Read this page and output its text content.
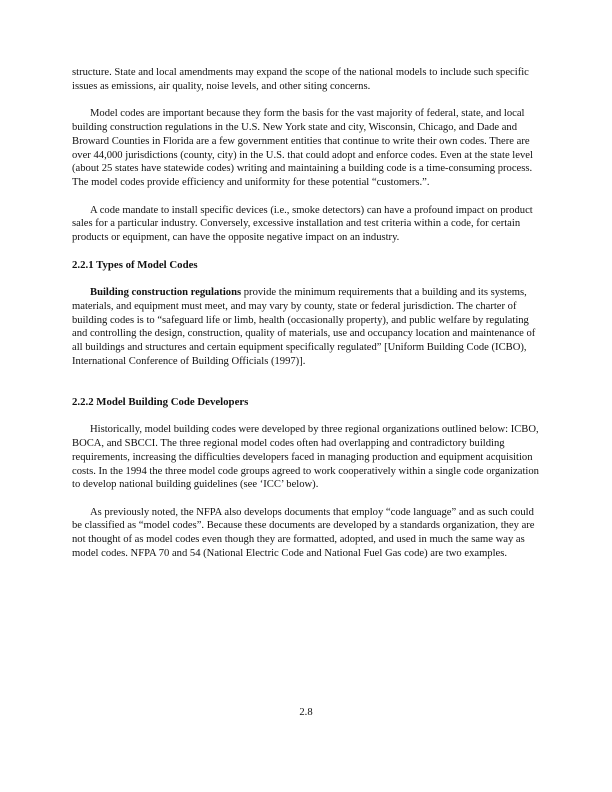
structure. State and local amendments may expand the scope of the national models to include such specific issues as emissions, air quality, noise levels, and other siting concerns.

Model codes are important because they form the basis for the vast majority of federal, state, and local building construction regulations in the U.S. New York state and city, Wisconsin, Chicago, and Dade and Broward Counties in Florida are a few government entities that continue to write their own codes. There are over 44,000 jurisdictions (county, city) in the U.S. that could adopt and enforce codes. Even at the state level (about 25 states have statewide codes) writing and maintaining a building code is a time-consuming process. The model codes provide efficiency and uniformity for these potential “customers.”.

A code mandate to install specific devices (i.e., smoke detectors) can have a profound impact on product sales for a particular industry. Conversely, excessive installation and test criteria within a code, for certain products or equipment, can have the opposite negative impact on an industry.

2.2.1 Types of Model Codes

Building construction regulations provide the minimum requirements that a building and its systems, materials, and equipment must meet, and may vary by county, state or federal jurisdiction. The charter of building codes is to “safeguard life or limb, health (occasionally property), and public welfare by regulating and controlling the design, construction, quality of materials, use and occupancy location and maintenance of all buildings and structures and certain equipment specifically regulated” [Uniform Building Code (ICBO), International Conference of Building Officials (1997)].

2.2.2 Model Building Code Developers

Historically, model building codes were developed by three regional organizations outlined below: ICBO, BOCA, and SBCCI. The three regional model codes often had overlapping and contradictory building requirements, increasing the difficulties developers faced in managing production and equipment acquisition costs. In the 1994 the three model code groups agreed to work cooperatively within a single code organization to develop national building guidelines (see ‘ICC’ below).

As previously noted, the NFPA also develops documents that employ “code language” and as such could be classified as “model codes”. Because these documents are developed by a standards organization, they are not thought of as model codes even though they are formatted, adopted, and used in much the same way as model codes. NFPA 70 and 54 (National Electric Code and National Fuel Gas code) are two examples.

2.8
